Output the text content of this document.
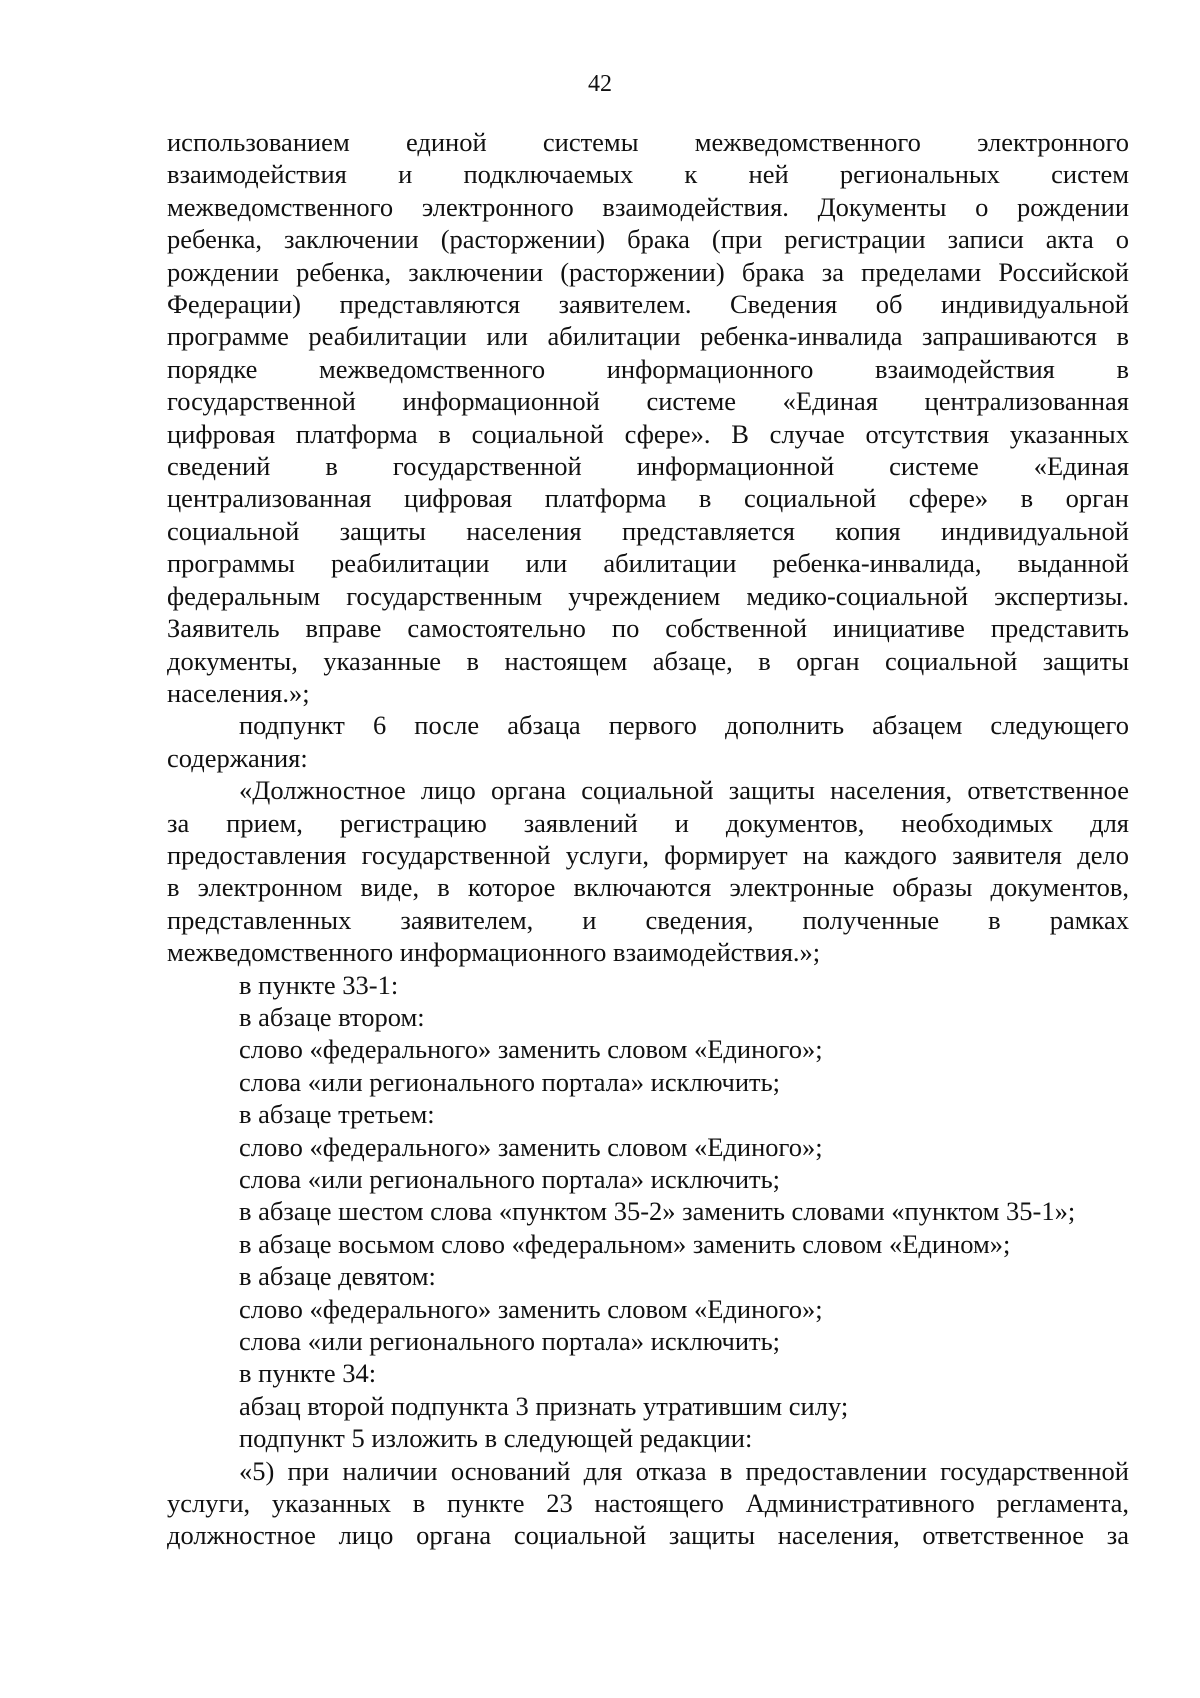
42
использованием единой системы межведомственного электронного
взаимодействия и подключаемых к ней региональных систем
межведомственного электронного взаимодействия. Документы о рождении
ребенка, заключении (расторжении) брака (при регистрации записи акта о
рождении ребенка, заключении (расторжении) брака за пределами Российской
Федерации) представляются заявителем. Сведения об индивидуальной
программе реабилитации или абилитации ребенка-инвалида запрашиваются в
порядке межведомственного информационного взаимодействия в
государственной информационной системе «Единая централизованная
цифровая платформа в социальной сфере». В случае отсутствия указанных
сведений в государственной информационной системе «Единая
централизованная цифровая платформа в социальной сфере» в орган
социальной защиты населения представляется копия индивидуальной
программы реабилитации или абилитации ребенка-инвалида, выданной
федеральным государственным учреждением медико-социальной экспертизы.
Заявитель вправе самостоятельно по собственной инициативе представить
документы, указанные в настоящем абзаце, в орган социальной защиты
населения.»;
подпункт 6 после абзаца первого дополнить абзацем следующего
содержания:
«Должностное лицо органа социальной защиты населения, ответственное
за прием, регистрацию заявлений и документов, необходимых для
предоставления государственной услуги, формирует на каждого заявителя дело
в электронном виде, в которое включаются электронные образы документов,
представленных заявителем, и сведения, полученные в рамках
межведомственного информационного взаимодействия.»;
в пункте 33-1:
в абзаце втором:
слово «федерального» заменить словом «Единого»;
слова «или регионального портала» исключить;
в абзаце третьем:
слово «федерального» заменить словом «Единого»;
слова «или регионального портала» исключить;
в абзаце шестом слова «пунктом 35-2» заменить словами «пунктом 35-1»;
в абзаце восьмом слово «федеральном» заменить словом «Едином»;
в абзаце девятом:
слово «федерального» заменить словом «Единого»;
слова «или регионального портала» исключить;
в пункте 34:
абзац второй подпункта 3 признать утратившим силу;
подпункт 5 изложить в следующей редакции:
«5) при наличии оснований для отказа в предоставлении государственной
услуги, указанных в пункте 23 настоящего Административного регламента,
должностное лицо органа социальной защиты населения, ответственное за
